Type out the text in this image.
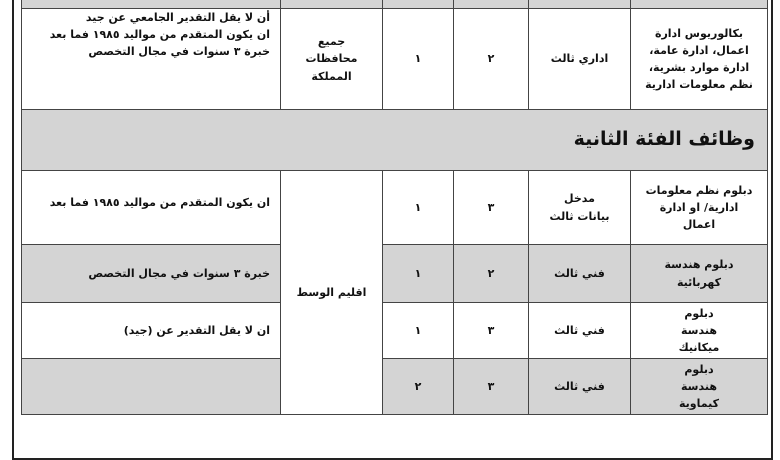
بكالوريوس ادارة اعمال، ادارة عامة، ادارة موارد بشرية، نظم معلومات ادارية
اداري ثالث
٢
١
جميع محافظات المملكة
أن لا يقل التقدير الجامعي عن جيد
ان يكون المتقدم من مواليد ١٩٨٥ فما بعد
خبرة ٣ سنوات في مجال التخصص
وظائف الفئة الثانية
اقليم الوسط
دبلوم نظم معلومات ادارية/ او ادارة اعمال
مدخل بيانات ثالث
٣
١
ان يكون المتقدم من مواليد ١٩٨٥ فما بعد
دبلوم هندسة كهربائية
فني ثالث
٢
١
خبرة ٣ سنوات في مجال التخصص
دبلوم هندسة ميكانيك
فني ثالث
٣
١
ان لا يقل التقدير عن (جيد)
دبلوم هندسة كيماوية
فني ثالث
٣
٢
